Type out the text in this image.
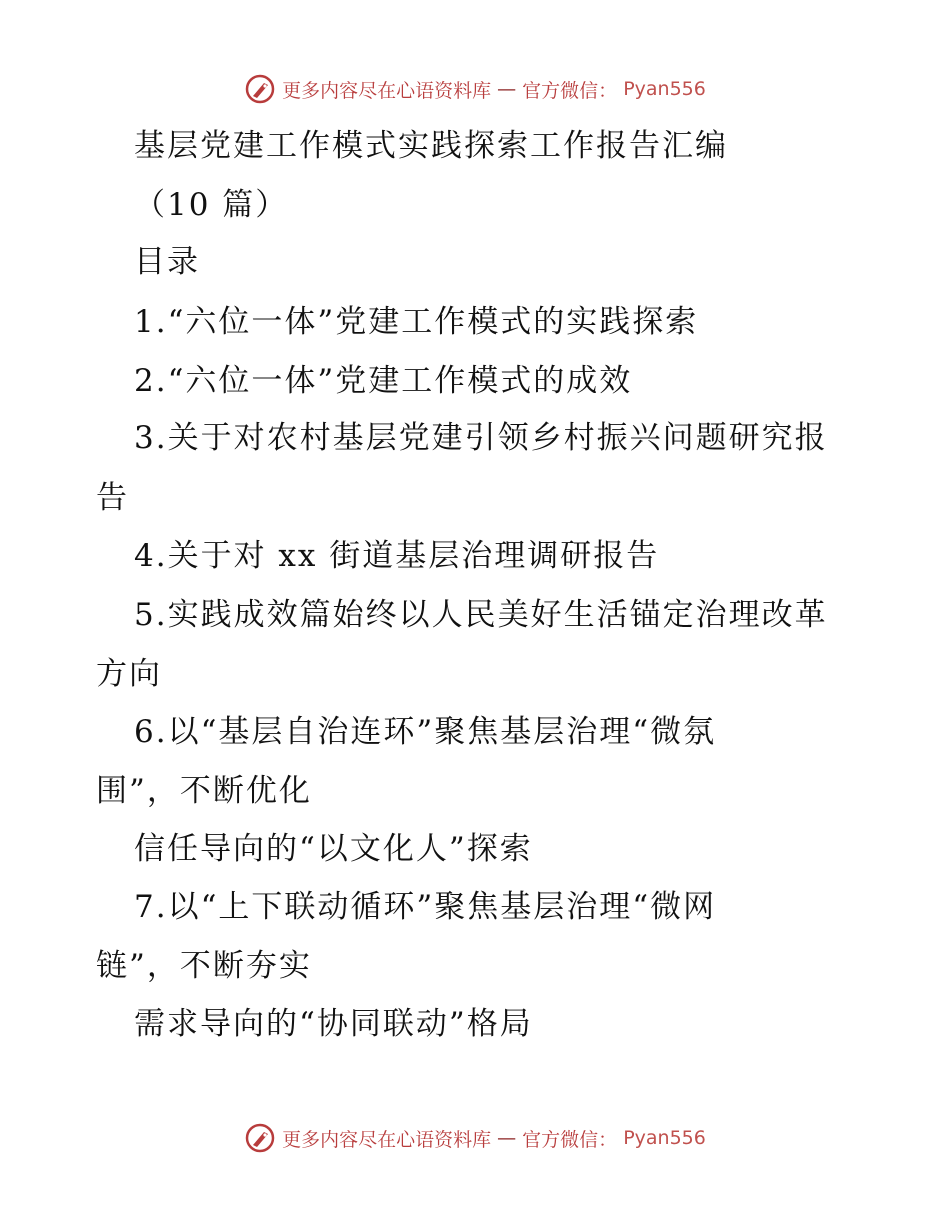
更多内容尽在心语资料库 — 官方微信： Pyan556
基层党建工作模式实践探索工作报告汇编
（10 篇）
目录
1.“六位一体”党建工作模式的实践探索
2.“六位一体”党建工作模式的成效
3.关于对农村基层党建引领乡村振兴问题研究报
告
4.关于对 xx 街道基层治理调研报告
5.实践成效篇始终以人民美好生活锚定治理改革
方向
6.以“基层自治连环”聚焦基层治理“微氛
围”，不断优化
信任导向的“以文化人”探索
7.以“上下联动循环”聚焦基层治理“微网
链”，不断夯实
需求导向的“协同联动”格局
更多内容尽在心语资料库 — 官方微信： Pyan556
